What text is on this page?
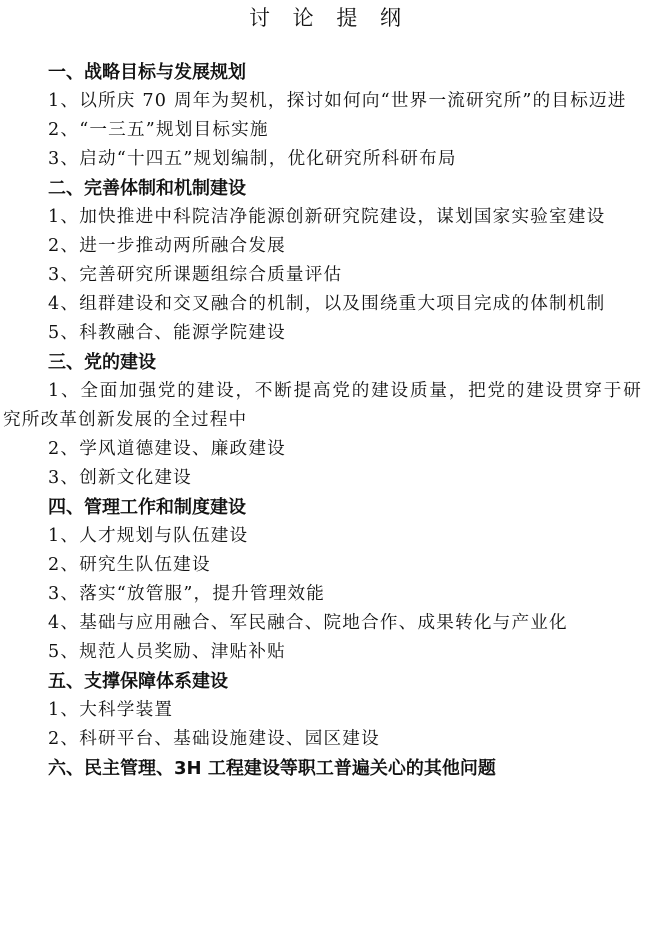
讨 论 提 纲
一、战略目标与发展规划
1、以所庆 70 周年为契机，探讨如何向“世界一流研究所”的目标迈进
2、“一三五”规划目标实施
3、启动“十四五”规划编制，优化研究所科研布局
二、完善体制和机制建设
1、加快推进中科院洁净能源创新研究院建设，谋划国家实验室建设
2、进一步推动两所融合发展
3、完善研究所课题组综合质量评估
4、组群建设和交叉融合的机制，以及围绕重大项目完成的体制机制
5、科教融合、能源学院建设
三、党的建设
1、全面加强党的建设，不断提高党的建设质量，把党的建设贯穿于研究所改革创新发展的全过程中
2、学风道德建设、廉政建设
3、创新文化建设
四、管理工作和制度建设
1、人才规划与队伍建设
2、研究生队伍建设
3、落实“放管服”，提升管理效能
4、基础与应用融合、军民融合、院地合作、成果转化与产业化
5、规范人员奖励、津贴补贴
五、支撑保障体系建设
1、大科学装置
2、科研平台、基础设施建设、园区建设
六、民主管理、3H 工程建设等职工普遍关心的其他问题
